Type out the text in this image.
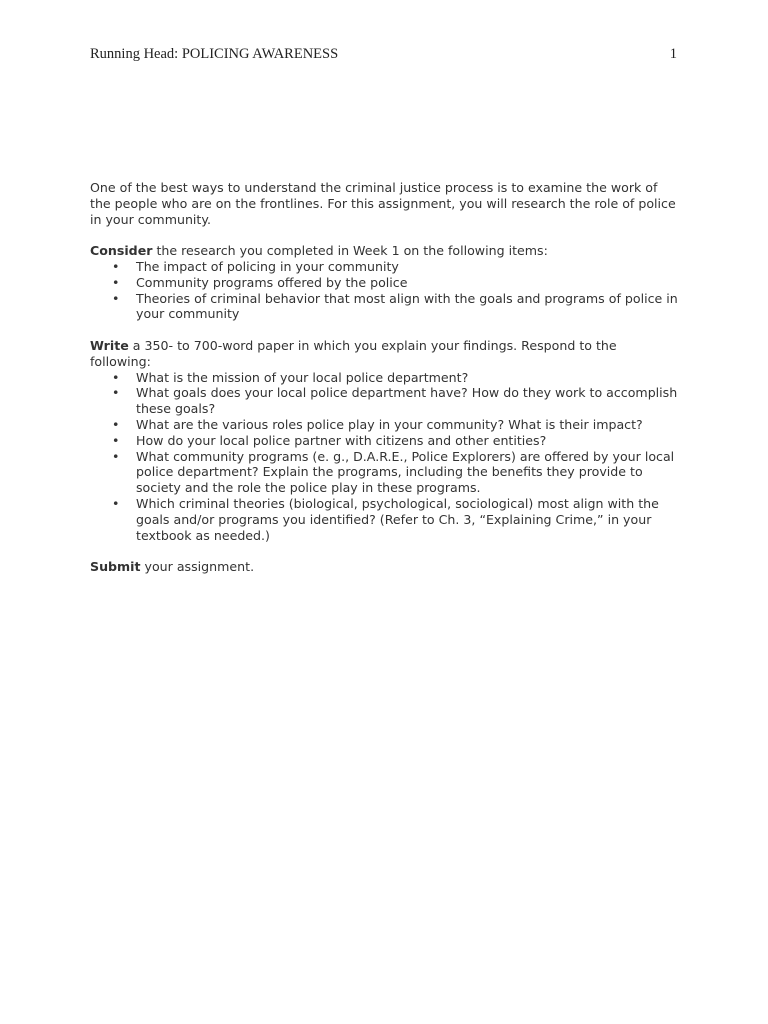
Running Head: POLICING AWARENESS	1

One of the best ways to understand the criminal justice process is to examine the work of the people who are on the frontlines. For this assignment, you will research the role of police in your community.

Consider the research you completed in Week 1 on the following items:

• The impact of policing in your community
• Community programs offered by the police
• Theories of criminal behavior that most align with the goals and programs of police in your community

Write a 350- to 700-word paper in which you explain your findings. Respond to the following:

• What is the mission of your local police department?
• What goals does your local police department have? How do they work to accomplish these goals?
• What are the various roles police play in your community? What is their impact?
• How do your local police partner with citizens and other entities?
• What community programs (e. g., D.A.R.E., Police Explorers) are offered by your local police department? Explain the programs, including the benefits they provide to society and the role the police play in these programs.
• Which criminal theories (biological, psychological, sociological) most align with the goals and/or programs you identified? (Refer to Ch. 3, “Explaining Crime,” in your textbook as needed.)

Submit your assignment.
